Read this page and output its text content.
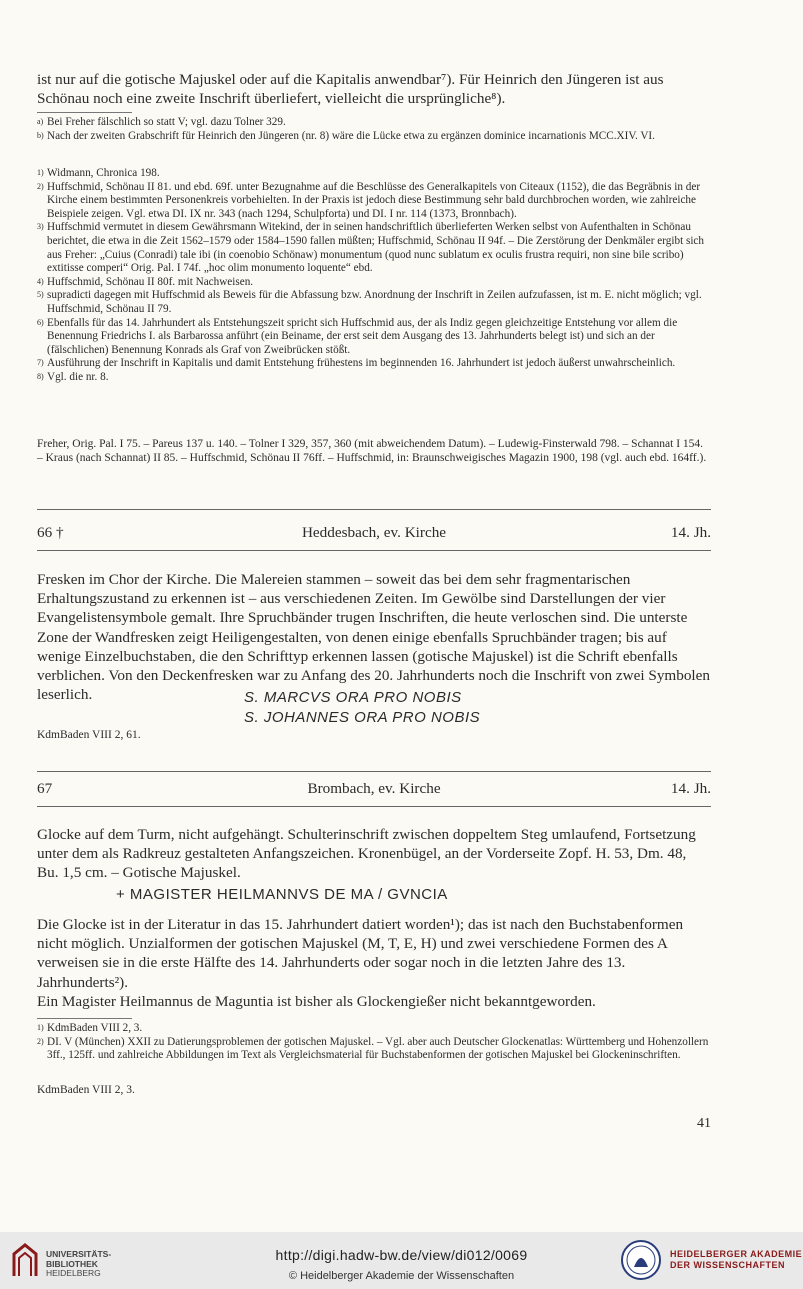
ist nur auf die gotische Majuskel oder auf die Kapitalis anwendbar⁷). Für Heinrich den Jüngeren ist aus Schönau noch eine zweite Inschrift überliefert, vielleicht die ursprüngliche⁸).

a) Bei Freher fälschlich so statt V; vgl. dazu Tolner 329.
b) Nach der zweiten Grabschrift für Heinrich den Jüngeren (nr. 8) wäre die Lücke etwa zu ergänzen dominice incarnationis MCC.XIV. VI.
1) Widmann, Chronica 198.
2) Huffschmid, Schönau II 81. und ebd. 69f. unter Bezugnahme auf die Beschlüsse des Generalkapitels von Citeaux (1152), die das Begräbnis in der Kirche einem bestimmten Personenkreis vorbehielten. In der Praxis ist jedoch diese Bestimmung sehr bald durchbrochen worden, wie zahlreiche Beispiele zeigen. Vgl. etwa DI. IX nr. 343 (nach 1294, Schulpforta) und DI. I nr. 114 (1373, Bronnbach).
3) Huffschmid vermutet in diesem Gewährsmann Witekind, der in seinen handschriftlich überlieferten Werken selbst von Aufenthalten in Schönau berichtet, die etwa in die Zeit 1562–1579 oder 1584–1590 fallen müßten; Huffschmid, Schönau II 94f. – Die Zerstörung der Denkmäler ergibt sich aus Freher: „Cuius (Conradi) tale ibi (in coenobio Schönaw) monumentum (quod nunc sublatum ex oculis frustra requiri, non sine bile scribo) extitisse comperi“ Orig. Pal. I 74f. „hoc olim monumento loquente“ ebd.
4) Huffschmid, Schönau II 80f. mit Nachweisen.
5) supradicti dagegen mit Huffschmid als Beweis für die Abfassung bzw. Anordnung der Inschrift in Zeilen aufzufassen, ist m. E. nicht möglich; vgl. Huffschmid, Schönau II 79.
6) Ebenfalls für das 14. Jahrhundert als Entstehungszeit spricht sich Huffschmid aus, der als Indiz gegen gleichzeitige Entstehung vor allem die Benennung Friedrichs I. als Barbarossa anführt (ein Beiname, der erst seit dem Ausgang des 13. Jahrhunderts belegt ist) und sich an der (fälschlichen) Benennung Konrads als Graf von Zweibrücken stößt.
7) Ausführung der Inschrift in Kapitalis und damit Entstehung frühestens im beginnenden 16. Jahrhundert ist jedoch äußerst unwahrscheinlich.
8) Vgl. die nr. 8.
Freher, Orig. Pal. I 75. – Pareus 137 u. 140. – Tolner I 329, 357, 360 (mit abweichendem Datum). – Ludewig-Finsterwald 798. – Schannat I 154. – Kraus (nach Schannat) II 85. – Huffschmid, Schönau II 76ff. – Huffschmid, in: Braunschweigisches Magazin 1900, 198 (vgl. auch ebd. 164ff.).
66 †	Heddesbach, ev. Kirche	14. Jh.

Fresken im Chor der Kirche. Die Malereien stammen – soweit das bei dem sehr fragmentarischen Erhaltungszustand zu erkennen ist – aus verschiedenen Zeiten. Im Gewölbe sind Darstellungen der vier Evangelistensymbole gemalt. Ihre Spruchbänder trugen Inschriften, die heute verloschen sind. Die unterste Zone der Wandfresken zeigt Heiligengestalten, von denen einige ebenfalls Spruchbänder tragen; bis auf wenige Einzelbuchstaben, die den Schrifttyp erkennen lassen (gotische Majuskel) ist die Schrift ebenfalls verblichen. Von den Deckenfresken war zu Anfang des 20. Jahrhunderts noch die Inschrift von zwei Symbolen leserlich.	S. MARCVS ORA PRO NOBIS
S. JOHANNES ORA PRO NOBIS
KdmBaden VIII 2, 61.
67	Brombach, ev. Kirche	14. Jh.

Glocke auf dem Turm, nicht aufgehängt. Schulterinschrift zwischen doppeltem Steg umlaufend, Fortsetzung unter dem als Radkreuz gestalteten Anfangszeichen. Kronenbügel, an der Vorderseite Zopf. H. 53, Dm. 48, Bu. 1,5 cm. – Gotische Majuskel.

+ MAGISTER HEILMANNVS DE MA / GVNCIA

Die Glocke ist in der Literatur in das 15. Jahrhundert datiert worden¹); das ist nach den Buchstabenformen nicht möglich. Unzialformen der gotischen Majuskel (M, T, E, H) und zwei verschiedene Formen des A verweisen sie in die erste Hälfte des 14. Jahrhunderts oder sogar noch in die letzten Jahre des 13. Jahrhunderts²).

Ein Magister Heilmannus de Maguntia ist bisher als Glockengießer nicht bekanntgeworden.

1) KdmBaden VIII 2, 3.
2) DI. V (München) XXII zu Datierungsproblemen der gotischen Majuskel. – Vgl. aber auch Deutscher Glockenatlas: Württemberg und Hohenzollern 3ff., 125ff. und zahlreiche Abbildungen im Text als Vergleichsmaterial für Buchstabenformen der gotischen Majuskel bei Glockeninschriften.
KdmBaden VIII 2, 3.
41
UNIVERSITÄTS-
BIBLIOTHEK
HEIDELBERG
http://digi.hadw-bw.de/view/di012/0069
© Heidelberger Akademie der Wissenschaften
HEIDELBERGER AKADEMIE
DER WISSENSCHAFTEN
